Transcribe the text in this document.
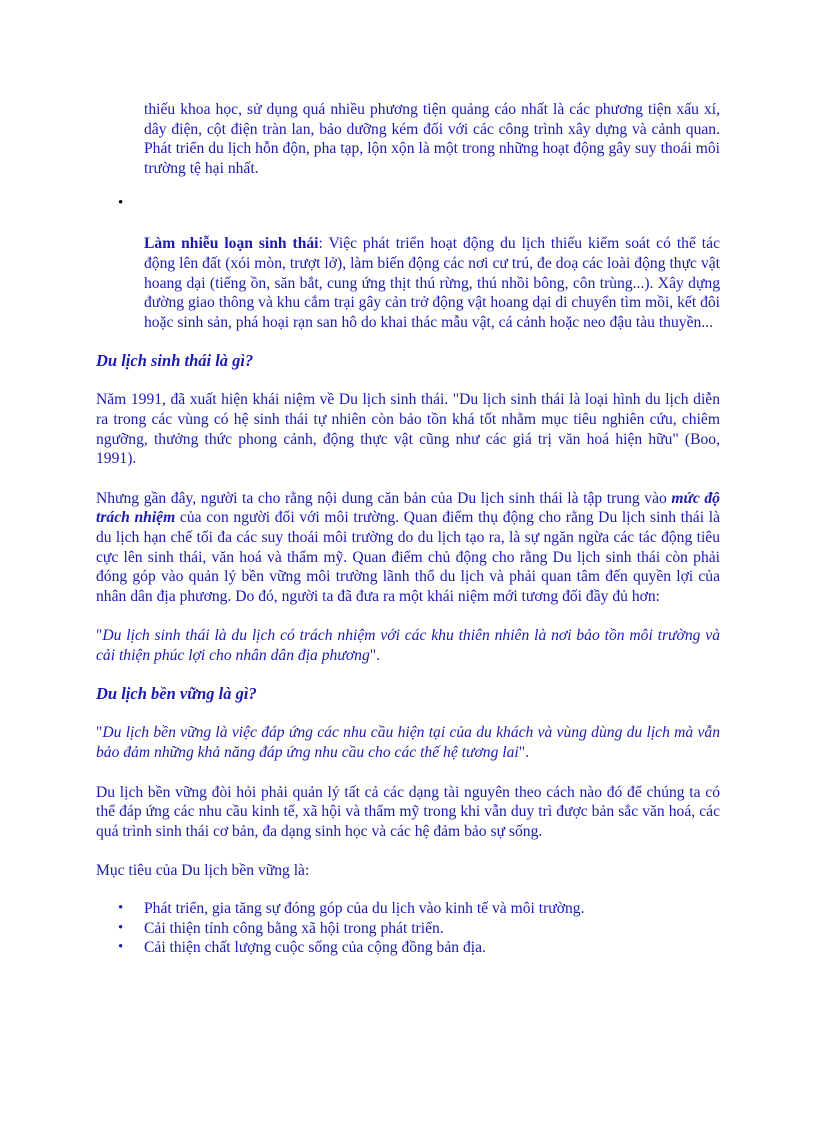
thiếu khoa học, sử dụng quá nhiều phương tiện quảng cáo nhất là các phương tiện xấu xí, dây điện, cột điện tràn lan, bảo dưỡng kém đối với các công trình xây dựng và cảnh quan. Phát triển du lịch hỗn độn, pha tạp, lộn xộn là một trong những hoạt động gây suy thoái môi trường tệ hại nhất.

•

Làm nhiễu loạn sinh thái: Việc phát triển hoạt động du lịch thiếu kiểm soát có thể tác động lên đất (xói mòn, trượt lở), làm biến động các nơi cư trú, đe doạ các loài động thực vật hoang dại (tiếng ồn, săn bắt, cung ứng thịt thú rừng, thú nhồi bông, côn trùng...). Xây dựng đường giao thông và khu cắm trại gây cản trở động vật hoang dại di chuyển tìm mồi, kết đôi hoặc sinh sản, phá hoại rạn san hô do khai thác mẫu vật, cá cảnh hoặc neo đậu tàu thuyền...

Du lịch sinh thái là gì?

Năm 1991, đã xuất hiện khái niệm về Du lịch sinh thái. "Du lịch sinh thái là loại hình du lịch diễn ra trong các vùng có hệ sinh thái tự nhiên còn bảo tồn khá tốt nhằm mục tiêu nghiên cứu, chiêm ngưỡng, thưởng thức phong cảnh, động thực vật cũng như các giá trị văn hoá hiện hữu" (Boo, 1991).

Nhưng gần đây, người ta cho rằng nội dung căn bản của Du lịch sinh thái là tập trung vào mức độ trách nhiệm của con người đối với môi trường. Quan điểm thụ động cho rằng Du lịch sinh thái là du lịch hạn chế tối đa các suy thoái môi trường do du lịch tạo ra, là sự ngăn ngừa các tác động tiêu cực lên sinh thái, văn hoá và thẩm mỹ. Quan điểm chủ động cho rằng Du lịch sinh thái còn phải đóng góp vào quản lý bền vững môi trường lãnh thổ du lịch và phải quan tâm đến quyền lợi của nhân dân địa phương. Do đó, người ta đã đưa ra một khái niệm mới tương đối đầy đủ hơn:

"Du lịch sinh thái là du lịch có trách nhiệm với các khu thiên nhiên là nơi bảo tồn môi trường và cải thiện phúc lợi cho nhân dân địa phương".

Du lịch bền vững là gì?

"Du lịch bền vững là việc đáp ứng các nhu cầu hiện tại của du khách và vùng dùng du lịch mà vẫn bảo đảm những khả năng đáp ứng nhu cầu cho các thế hệ tương lai".

Du lịch bền vững đòi hỏi phải quản lý tất cả các dạng tài nguyên theo cách nào đó để chúng ta có thể đáp ứng các nhu cầu kinh tế, xã hội và thẩm mỹ trong khi vẫn duy trì được bản sắc văn hoá, các quá trình sinh thái cơ bản, đa dạng sinh học và các hệ đảm bảo sự sống.

Mục tiêu của Du lịch bền vững là:

• Phát triển, gia tăng sự đóng góp của du lịch vào kinh tế và môi trường.
• Cải thiện tính công bằng xã hội trong phát triển.
• Cải thiện chất lượng cuộc sống của cộng đồng bản địa.
